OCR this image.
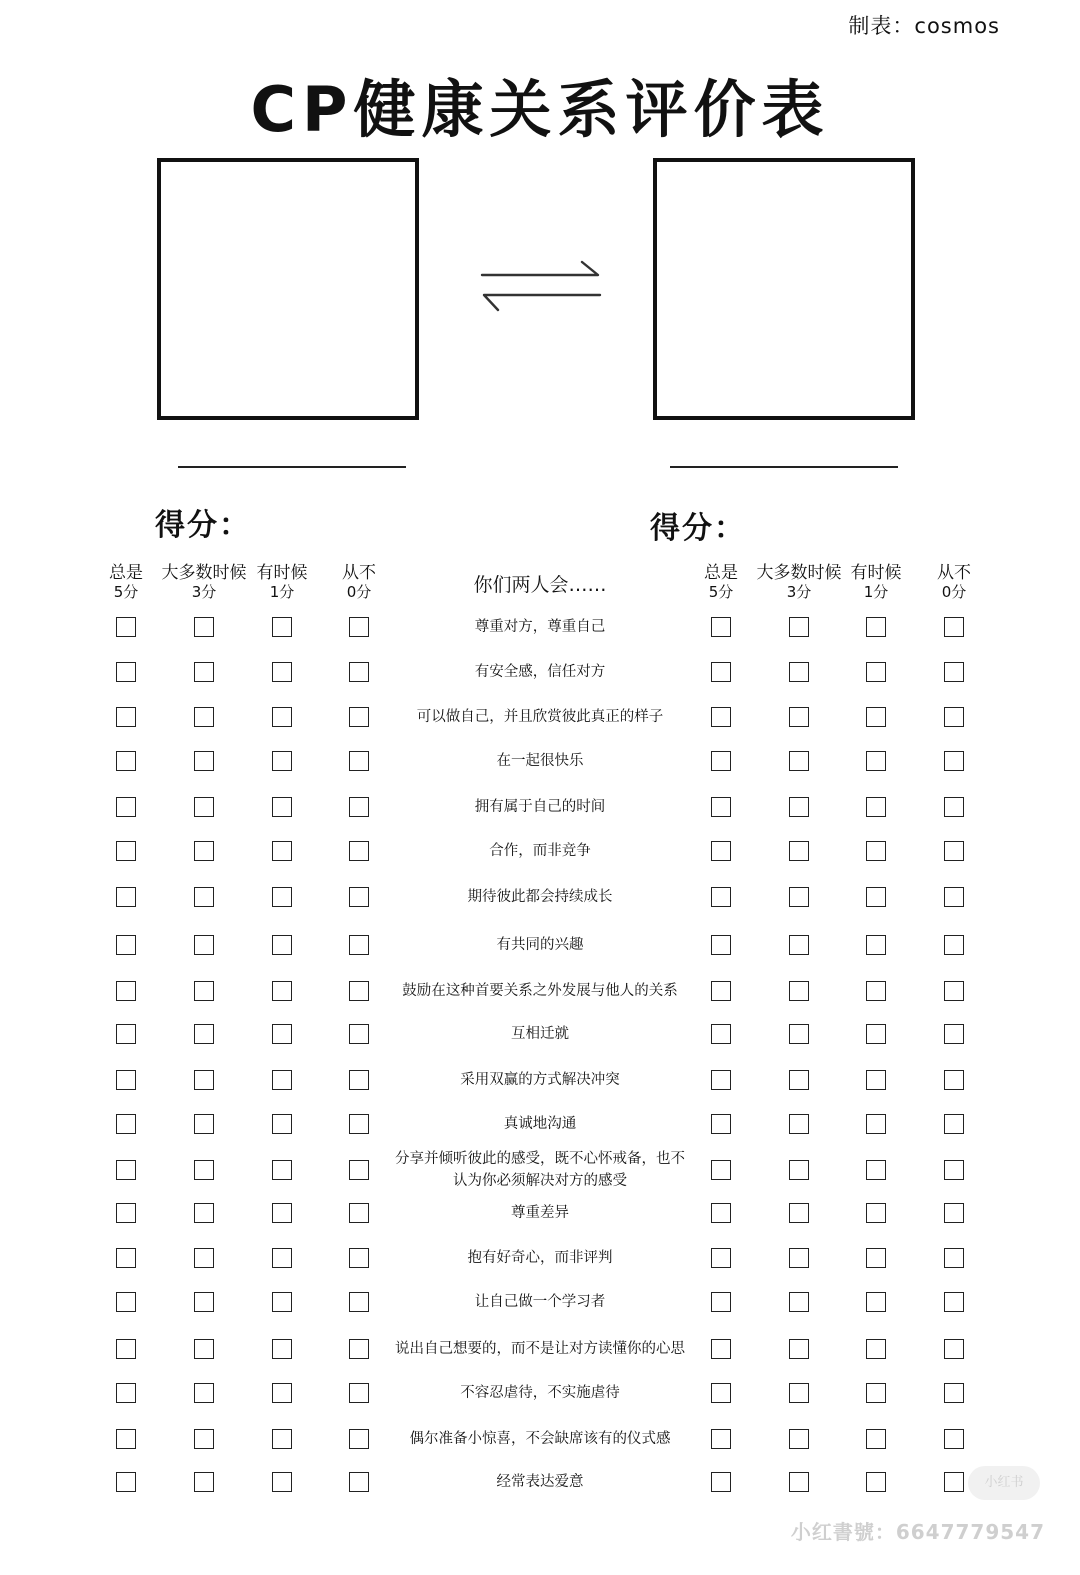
制表：cosmos
CP健康关系评价表
得分：	得分：
总是
5分
大多数时候
3分
有时候
1分
从不
0分
总是
5分
大多数时候
3分
有时候
1分
从不
0分
你们两人会……
尊重对方，尊重自己
有安全感，信任对方
可以做自己，并且欣赏彼此真正的样子
在一起很快乐
拥有属于自己的时间
合作，而非竞争
期待彼此都会持续成长
有共同的兴趣
鼓励在这种首要关系之外发展与他人的关系
互相迁就
采用双赢的方式解决冲突
真诚地沟通
分享并倾听彼此的感受，既不心怀戒备，也不认为你必须解决对方的感受
尊重差异
抱有好奇心，而非评判
让自己做一个学习者
说出自己想要的，而不是让对方读懂你的心思
不容忍虐待，不实施虐待
偶尔准备小惊喜，不会缺席该有的仪式感
经常表达爱意	小红书
小红書號：6647779547
